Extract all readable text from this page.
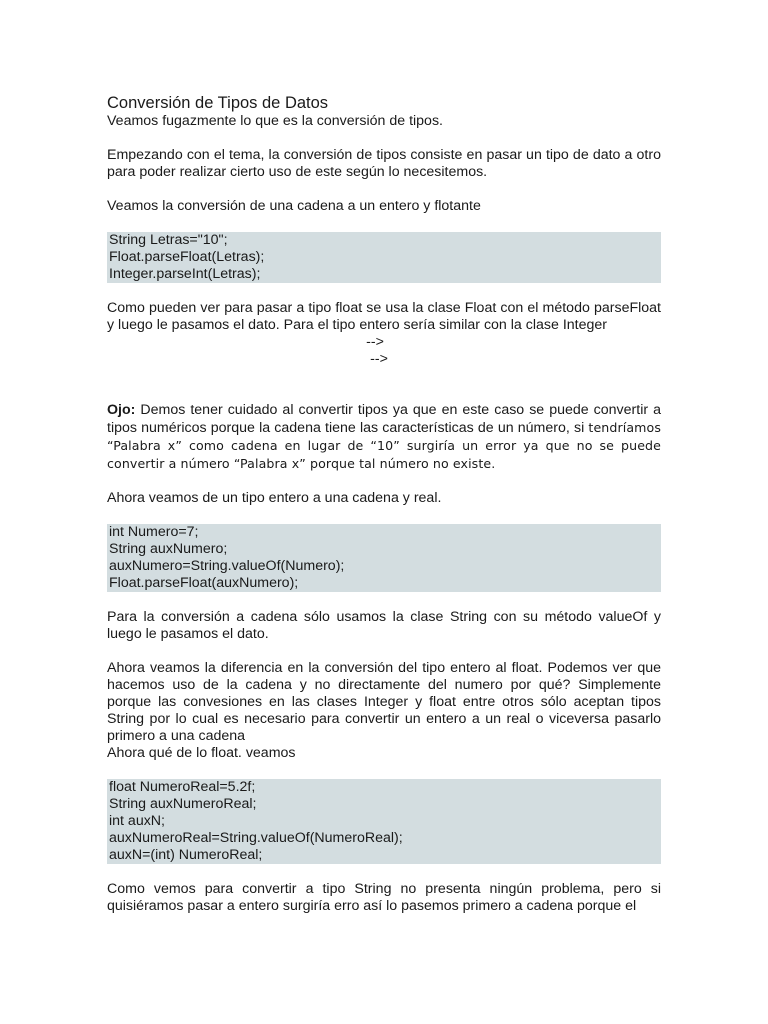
Conversión de Tipos de Datos

Veamos fugazmente lo que es la conversión de tipos.

Empezando con el tema, la conversión de tipos consiste en pasar un tipo de dato a otro para poder realizar cierto uso de este según lo necesitemos.

Veamos la conversión de una cadena a un entero y flotante

String Letras="10";
Float.parseFloat(Letras);
Integer.parseInt(Letras);

Como pueden ver para pasar a tipo float se usa la clase Float con el método parseFloat y luego le pasamos el dato. Para el tipo entero sería similar con la clase Integer

-->
-->

Ojo: Demos tener cuidado al convertir tipos ya que en este caso se puede convertir a tipos numéricos porque la cadena tiene las características de un número, si tendríamos “Palabra x” como cadena en lugar de “10” surgiría un error ya que no se puede convertir a número “Palabra x” porque tal número no existe.

Ahora veamos de un tipo entero a una cadena y real.

int Numero=7;
String auxNumero;
auxNumero=String.valueOf(Numero);
Float.parseFloat(auxNumero);

Para la conversión a cadena sólo usamos la clase String con su método valueOf y luego le pasamos el dato.

Ahora veamos la diferencia en la conversión del tipo entero al float. Podemos ver que hacemos uso de la cadena y no directamente del numero por qué? Simplemente porque las convesiones en las clases Integer y float entre otros sólo aceptan tipos String por lo cual es necesario para convertir un entero a un real o viceversa pasarlo primero a una cadena

Ahora qué de lo float. veamos

float NumeroReal=5.2f;
String auxNumeroReal;
int auxN;
auxNumeroReal=String.valueOf(NumeroReal);
auxN=(int) NumeroReal;

Como vemos para convertir a tipo String no presenta ningún problema, pero si quisiéramos pasar a entero surgiría erro así lo pasemos primero a cadena porque el
